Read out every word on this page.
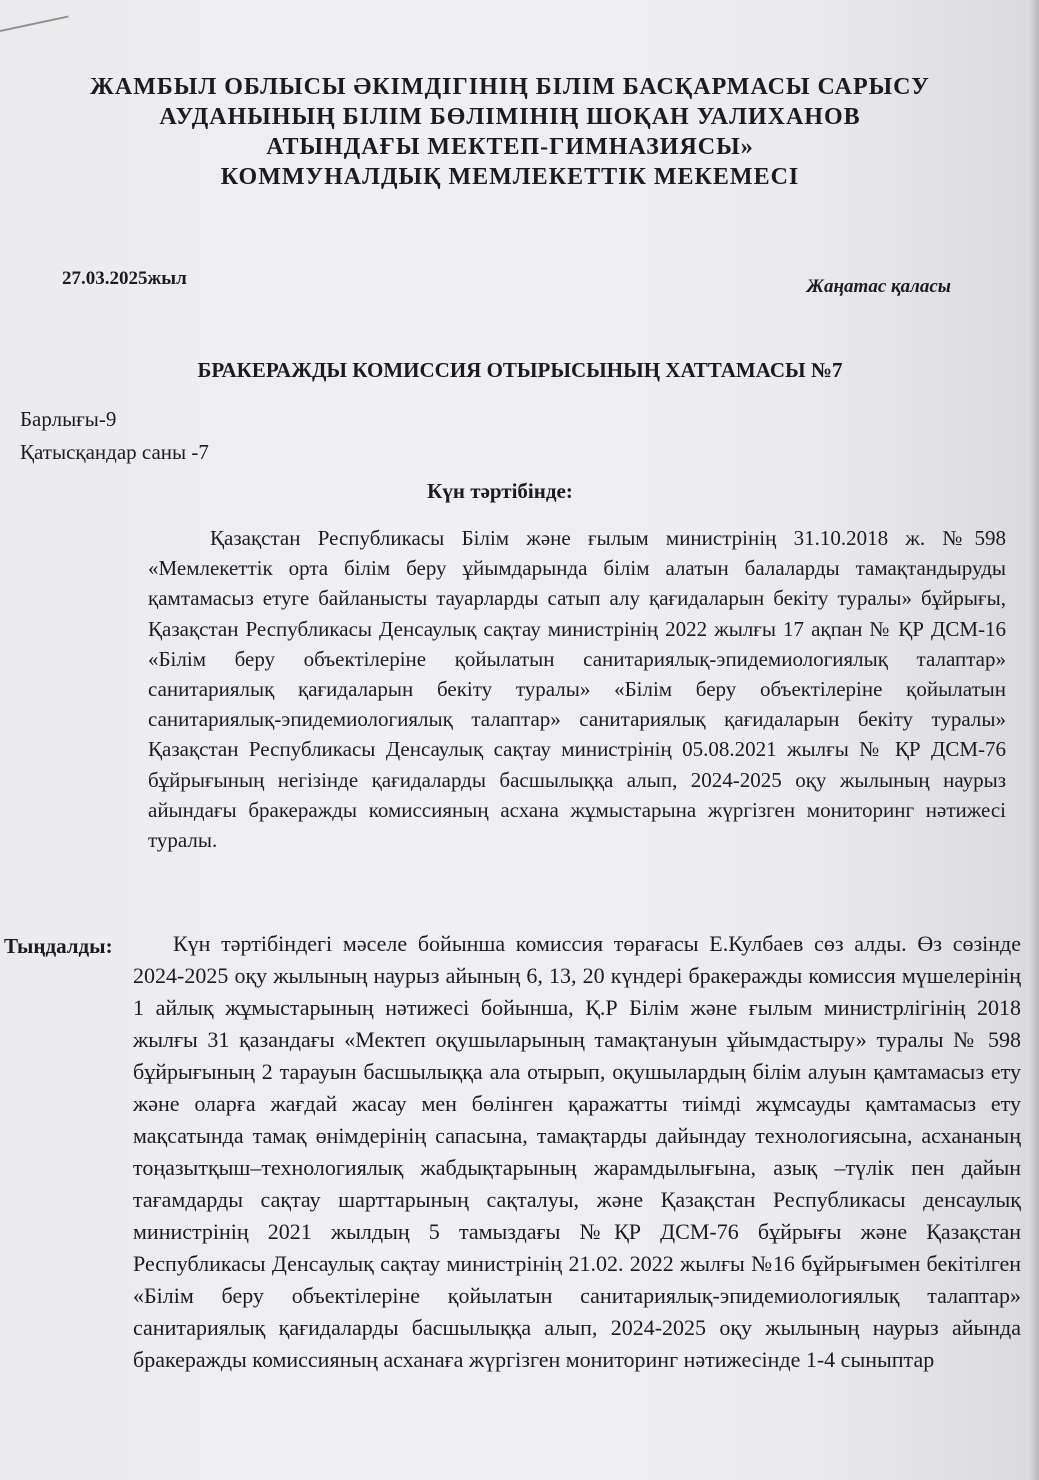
ЖАМБЫЛ ОБЛЫСЫ ӘКІМДІГІНІҢ БІЛІМ БАСҚАРМАСЫ САРЫСУ
АУДАНЫНЫҢ БІЛІМ БӨЛІМІНІҢ ШОҚАН УАЛИХАНОВ
АТЫНДАҒЫ МЕКТЕП-ГИМНАЗИЯСЫ»
КОММУНАЛДЫҚ МЕМЛЕКЕТТІК МЕКЕМЕСІ
27.03.2025жыл	Жаңатас қаласы
БРАКЕРАЖДЫ КОМИССИЯ ОТЫРЫСЫНЫҢ ХАТТАМАСЫ №7
Барлығы-9
Қатысқандар саны -7
Күн тәртібінде:
Қазақстан Республикасы Білім және ғылым министрінің 31.10.2018 ж. №598 «Мемлекеттік орта білім беру ұйымдарында білім алатын балаларды тамақтандыруды қамтамасыз етуге байланысты тауарларды сатып алу қағидаларын бекіту туралы» бұйрығы, Қазақстан Республикасы Денсаулық сақтау министрінің 2022 жылғы 17 ақпан № ҚР ДСМ-16 «Білім беру объектілеріне қойылатын санитариялық-эпидемиологиялық талаптар» санитариялық қағидаларын бекіту туралы» «Білім беру объектілеріне қойылатын санитариялық-эпидемиологиялық талаптар» санитариялық қағидаларын бекіту туралы» Қазақстан Республикасы Денсаулық сақтау министрінің 05.08.2021 жылғы № ҚР ДСМ-76 бұйрығының негізінде қағидаларды басшылыққа алып, 2024-2025 оқу жылының наурыз айындағы бракеражды комиссияның асхана жұмыстарына жүргізген мониторинг нәтижесі туралы.
Тыңдалды:	Күн тәртібіндегі мәселе бойынша комиссия төрағасы Е.Кулбаев сөз алды. Өз сөзінде 2024-2025 оқу жылының наурыз айының 6, 13, 20 күндері бракеражды комиссия мүшелерінің 1 айлық жұмыстарының нәтижесі бойынша, Қ.Р Білім және ғылым министрлігінің 2018 жылғы 31 қазандағы «Мектеп оқушыларының тамақтануын ұйымдастыру» туралы № 598 бұйрығының 2 тарауын басшылыққа ала отырып, оқушылардың білім алуын қамтамасыз ету және оларға жағдай жасау мен бөлінген қаражатты тиімді жұмсауды қамтамасыз ету мақсатында тамақ өнімдерінің сапасына, тамақтарды дайындау технологиясына, асхананың тоңазытқыш–технологиялық жабдықтарының жарамдылығына, азық –түлік пен дайын тағамдарды сақтау шарттарының сақталуы, және Қазақстан Республикасы денсаулық министрінің 2021 жылдың 5 тамыздағы №ҚР ДСМ-76 бұйрығы және Қазақстан Республикасы Денсаулық сақтау министрінің 21.02. 2022 жылғы №16 бұйрығымен бекітілген «Білім беру объектілеріне қойылатын санитариялық-эпидемиологиялық талаптар» санитариялық қағидаларды басшылыққа алып, 2024-2025 оқу жылының наурыз айында бракеражды комиссияның асханаға жүргізген мониторинг нәтижесінде 1-4 сыныптар
